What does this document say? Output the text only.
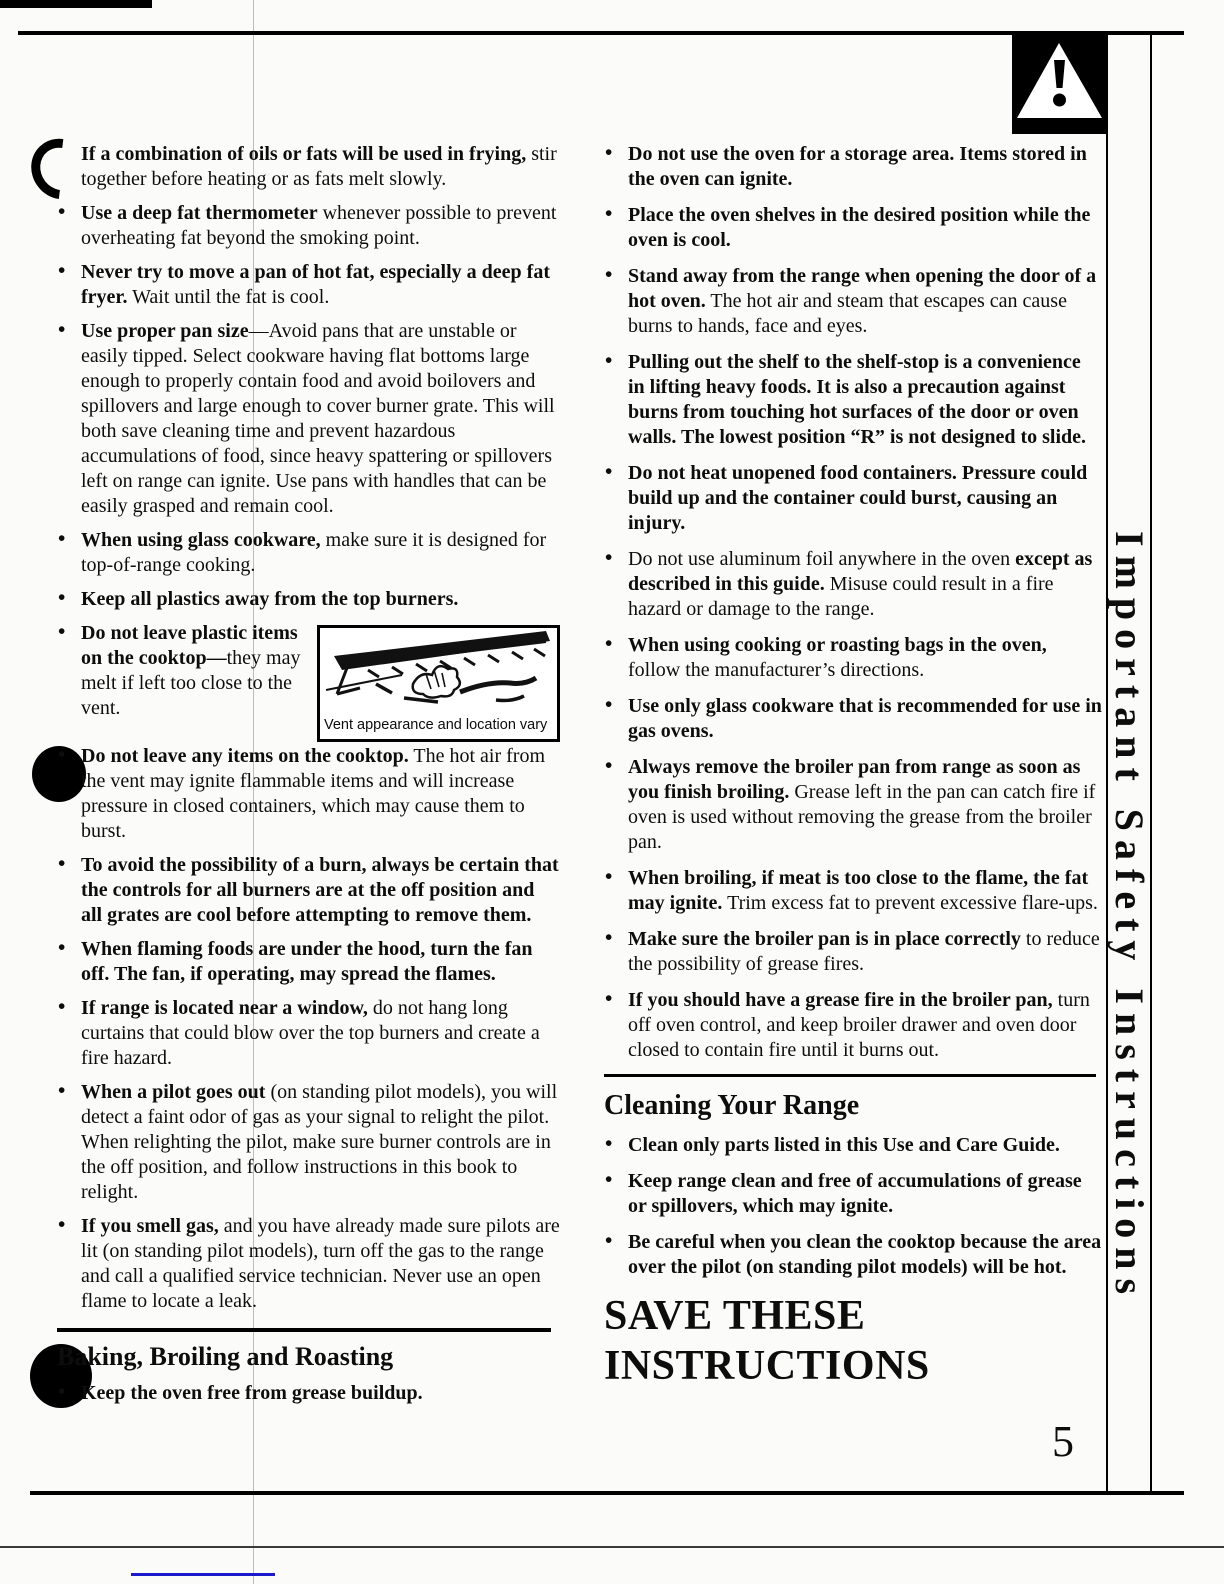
Important Safety Instructions
5
If a combination of oils or fats will be used in frying, stir together before heating or as fats melt slowly.
• Use a deep fat thermometer whenever possible to prevent overheating fat beyond the smoking point.
• Never try to move a pan of hot fat, especially a deep fat fryer. Wait until the fat is cool.
• Use proper pan size—Avoid pans that are unstable or easily tipped. Select cookware having flat bottoms large enough to properly contain food and avoid boilovers and spillovers and large enough to cover burner grate. This will both save cleaning time and prevent hazardous accumulations of food, since heavy spattering or spillovers left on range can ignite. Use pans with handles that can be easily grasped and remain cool.
• When using glass cookware, make sure it is designed for top-of-range cooking.
• Keep all plastics away from the top burners.
Vent appearance and location vary
• Do not leave plastic items on the cooktop—they may melt if left too close to the vent.
• Do not leave any items on the cooktop. The hot air from the vent may ignite flammable items and will increase pressure in closed containers, which may cause them to burst.
• To avoid the possibility of a burn, always be certain that the controls for all burners are at the off position and all grates are cool before attempting to remove them.
• When flaming foods are under the hood, turn the fan off. The fan, if operating, may spread the flames.
• If range is located near a window, do not hang long curtains that could blow over the top burners and create a fire hazard.
• When a pilot goes out (on standing pilot models), you will detect a faint odor of gas as your signal to relight the pilot. When relighting the pilot, make sure burner controls are in the off position, and follow instructions in this book to relight.
• If you smell gas, and you have already made sure pilots are lit (on standing pilot models), turn off the gas to the range and call a qualified service technician. Never use an open flame to locate a leak.
Baking, Broiling and Roasting
• Keep the oven free from grease buildup.
• Do not use the oven for a storage area. Items stored in the oven can ignite.
• Place the oven shelves in the desired position while the oven is cool.
• Stand away from the range when opening the door of a hot oven. The hot air and steam that escapes can cause burns to hands, face and eyes.
• Pulling out the shelf to the shelf-stop is a convenience in lifting heavy foods. It is also a precaution against burns from touching hot surfaces of the door or oven walls. The lowest position “R” is not designed to slide.
• Do not heat unopened food containers. Pressure could build up and the container could burst, causing an injury.
• Do not use aluminum foil anywhere in the oven except as described in this guide. Misuse could result in a fire hazard or damage to the range.
• When using cooking or roasting bags in the oven, follow the manufacturer’s directions.
• Use only glass cookware that is recommended for use in gas ovens.
• Always remove the broiler pan from range as soon as you finish broiling. Grease left in the pan can catch fire if oven is used without removing the grease from the broiler pan.
• When broiling, if meat is too close to the flame, the fat may ignite. Trim excess fat to prevent excessive flare-ups.
• Make sure the broiler pan is in place correctly to reduce the possibility of grease fires.
• If you should have a grease fire in the broiler pan, turn off oven control, and keep broiler drawer and oven door closed to contain fire until it burns out.
Cleaning Your Range
• Clean only parts listed in this Use and Care Guide.
• Keep range clean and free of accumulations of grease or spillovers, which may ignite.
• Be careful when you clean the cooktop because the area over the pilot (on standing pilot models) will be hot.
SAVE THESE
INSTRUCTIONS
